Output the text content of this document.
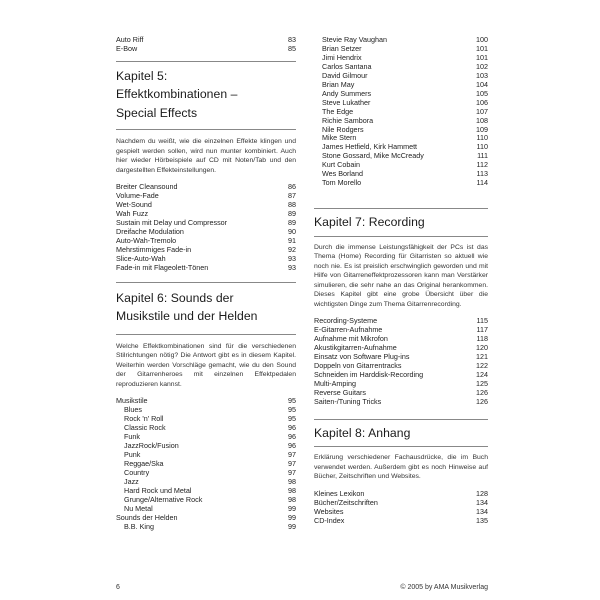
Auto Riff	83
E-Bow	85
Kapitel 5:
Effektkombinationen –
Special Effects

Nachdem du weißt, wie die einzelnen Effekte klingen und gespielt werden sollen, wird nun munter kombiniert. Auch hier wieder Hörbeispiele auf CD mit Noten/Tab und den dargestellten Effekteinstellungen.

Breiter Cleansound	86
Volume-Fade	87
Wet-Sound	88
Wah Fuzz	89
Sustain mit Delay und Compressor	89
Dreifache Modulation	90
Auto-Wah-Tremolo	91
Mehrstimmiges Fade-in	92
Slice-Auto-Wah	93
Fade-in mit Flageolett-Tönen	93
Kapitel 6: Sounds der
Musikstile und der Helden

Welche Effektkombinationen sind für die verschiedenen Stilrichtungen nötig? Die Antwort gibt es in diesem Kapitel. Weiterhin werden Vorschläge gemacht, wie du den Sound der Gitarrenheroes mit einzelnen Effektpedalen reproduzieren kannst.

Musikstile	95
Blues	95
Rock 'n' Roll	95
Classic Rock	96
Funk	96
JazzRock/Fusion	96
Punk	97
Reggae/Ska	97
Country	97
Jazz	98
Hard Rock und Metal	98
Grunge/Alternative Rock	98
Nu Metal	99
Sounds der Helden	99
B.B. King	99
Stevie Ray Vaughan	100
Brian Setzer	101
Jimi Hendrix	101
Carlos Santana	102
David Gilmour	103
Brian May	104
Andy Summers	105
Steve Lukather	106
The Edge	107
Richie Sambora	108
Nile Rodgers	109
Mike Stern	110
James Hetfield, Kirk Hammett	110
Stone Gossard, Mike McCready	111
Kurt Cobain	112
Wes Borland	113
Tom Morello	114
Kapitel 7: Recording

Durch die immense Leistungsfähigkeit der PCs ist das Thema (Home) Recording für Gitarristen so aktuell wie noch nie. Es ist preislich erschwinglich geworden und mit Hilfe von Gitarreneffektprozessoren kann man Verstärker simulieren, die sehr nahe an das Original herankommen. Dieses Kapitel gibt eine grobe Übersicht über die wichtigsten Dinge zum Thema Gitarrenrecording.

Recording-Systeme	115
E-Gitarren-Aufnahme	117
Aufnahme mit Mikrofon	118
Akustikgitarren-Aufnahme	120
Einsatz von Software Plug-ins	121
Doppeln von Gitarrentracks	122
Schneiden im Harddisk-Recording	124
Multi-Amping	125
Reverse Guitars	126
Saiten-/Tuning Tricks	126
Kapitel 8: Anhang

Erklärung verschiedener Fachausdrücke, die im Buch verwendet werden. Außerdem gibt es noch Hinweise auf Bücher, Zeitschriften und Websites.

Kleines Lexikon	128
Bücher/Zeitschriften	134
Websites	134
CD-Index	135
6	© 2005 by AMA Musikverlag
